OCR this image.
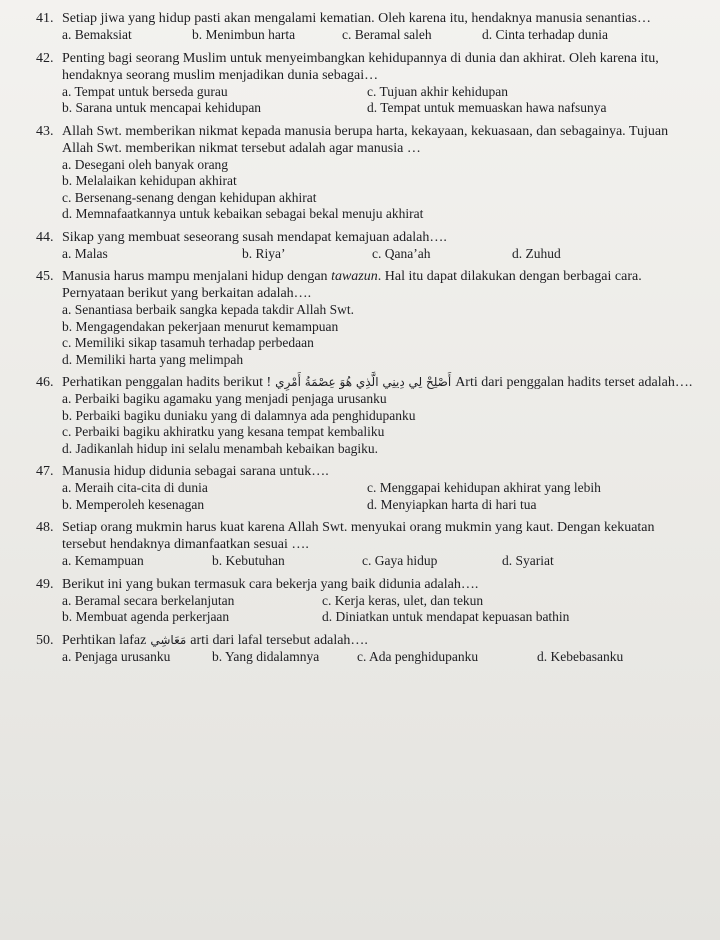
41. Setiap jiwa yang hidup pasti akan mengalami kematian. Oleh karena itu, hendaknya manusia senantias…
a. Bemaksiat	b. Menimbun harta	c. Beramal saleh	d. Cinta terhadap dunia
42. Penting bagi seorang Muslim untuk menyeimbangkan kehidupannya di dunia dan akhirat. Oleh karena itu, hendaknya seorang muslim menjadikan dunia sebagai…
a. Tempat untuk berseda gurau	c. Tujuan akhir kehidupan
b. Sarana untuk mencapai kehidupan	d. Tempat untuk memuaskan hawa nafsunya
43. Allah Swt. memberikan nikmat kepada manusia berupa harta, kekayaan, kekuasaan, dan sebagainya. Tujuan Allah Swt. memberikan nikmat tersebut adalah agar manusia …
a. Desegani oleh banyak orang
b. Melalaikan kehidupan akhirat
c. Bersenang-senang dengan kehidupan akhirat
d. Memnafaatkannya untuk kebaikan sebagai bekal menuju akhirat
44. Sikap yang membuat seseorang susah mendapat kemajuan adalah….
a. Malas	b. Riya’	c. Qana’ah	d. Zuhud
45. Manusia harus mampu menjalani hidup dengan tawazun. Hal itu dapat dilakukan dengan berbagai cara. Pernyataan berikut yang berkaitan adalah….
a. Senantiasa berbaik sangka kepada takdir Allah Swt.
b. Mengagendakan pekerjaan menurut kemampuan
c. Memiliki sikap tasamuh terhadap perbedaan
d. Memiliki harta yang melimpah
46. Perhatikan penggalan hadits berikut ! أَصْلِحْ لِي دِينِي الَّذِي هُوَ عِصْمَةُ أَمْرِي Arti dari penggalan hadits terset adalah….
a. Perbaiki bagiku agamaku yang menjadi penjaga urusanku
b. Perbaiki bagiku duniaku yang di dalamnya ada penghidupanku
c. Perbaiki bagiku akhiratku yang kesana tempat kembaliku
d. Jadikanlah hidup ini selalu menambah kebaikan bagiku.
47. Manusia hidup didunia sebagai sarana untuk….
a. Meraih cita-cita di dunia	c. Menggapai kehidupan akhirat yang lebih
b. Memperoleh kesenagan	d. Menyiapkan harta di hari tua
48. Setiap orang mukmin harus kuat karena Allah Swt. menyukai orang mukmin yang kaut. Dengan kekuatan tersebut hendaknya dimanfaatkan sesuai ….
a. Kemampuan	b. Kebutuhan	c. Gaya hidup	d. Syariat
49. Berikut ini yang bukan termasuk cara bekerja yang baik didunia adalah….
a. Beramal secara berkelanjutan	c. Kerja keras, ulet, dan tekun
b. Membuat agenda perkerjaan	d. Diniatkan untuk mendapat kepuasan bathin
50. Perhtikan lafaz مَعَاشِي arti dari lafal tersebut adalah….
a. Penjaga urusanku	b. Yang didalamnya	c. Ada penghidupanku	d. Kebebasanku
